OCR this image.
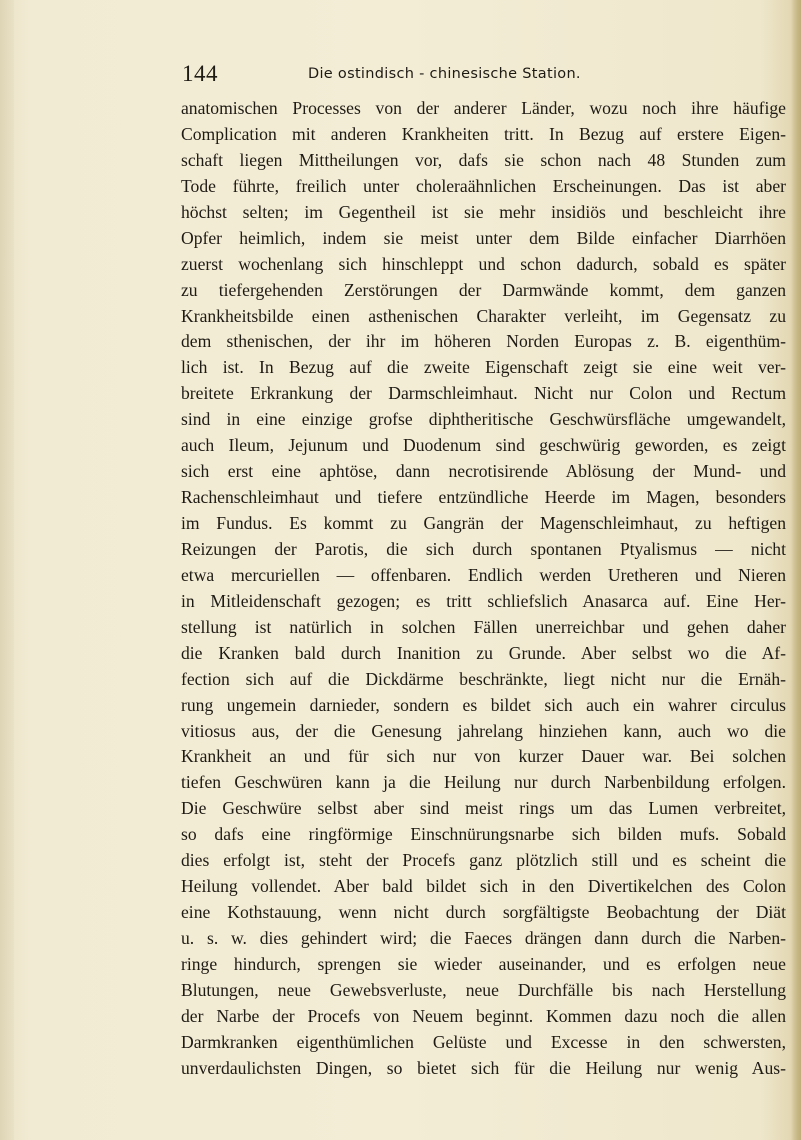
144	Die ostindisch - chinesische Station.
anatomischen Processes von der anderer Länder, wozu noch ihre häufige
Complication mit anderen Krankheiten tritt. In Bezug auf erstere Eigen-
schaft liegen Mittheilungen vor, dafs sie schon nach 48 Stunden zum
Tode führte, freilich unter choleraähnlichen Erscheinungen. Das ist aber
höchst selten; im Gegentheil ist sie mehr insidiös und beschleicht ihre
Opfer heimlich, indem sie meist unter dem Bilde einfacher Diarrhöen
zuerst wochenlang sich hinschleppt und schon dadurch, sobald es später
zu tiefergehenden Zerstörungen der Darmwände kommt, dem ganzen
Krankheitsbilde einen asthenischen Charakter verleiht, im Gegensatz zu
dem sthenischen, der ihr im höheren Norden Europas z. B. eigenthüm-
lich ist. In Bezug auf die zweite Eigenschaft zeigt sie eine weit ver-
breitete Erkrankung der Darmschleimhaut. Nicht nur Colon und Rectum
sind in eine einzige grofse diphtheritische Geschwürsfläche umgewandelt,
auch Ileum, Jejunum und Duodenum sind geschwürig geworden, es zeigt
sich erst eine aphtöse, dann necrotisirende Ablösung der Mund- und
Rachenschleimhaut und tiefere entzündliche Heerde im Magen, besonders
im Fundus. Es kommt zu Gangrän der Magenschleimhaut, zu heftigen
Reizungen der Parotis, die sich durch spontanen Ptyalismus — nicht
etwa mercuriellen — offenbaren. Endlich werden Uretheren und Nieren
in Mitleidenschaft gezogen; es tritt schliefslich Anasarca auf. Eine Her-
stellung ist natürlich in solchen Fällen unerreichbar und gehen daher
die Kranken bald durch Inanition zu Grunde. Aber selbst wo die Af-
fection sich auf die Dickdärme beschränkte, liegt nicht nur die Ernäh-
rung ungemein darnieder, sondern es bildet sich auch ein wahrer circulus
vitiosus aus, der die Genesung jahrelang hinziehen kann, auch wo die
Krankheit an und für sich nur von kurzer Dauer war. Bei solchen
tiefen Geschwüren kann ja die Heilung nur durch Narbenbildung erfolgen.
Die Geschwüre selbst aber sind meist rings um das Lumen verbreitet,
so dafs eine ringförmige Einschnürungsnarbe sich bilden mufs. Sobald
dies erfolgt ist, steht der Procefs ganz plötzlich still und es scheint die
Heilung vollendet. Aber bald bildet sich in den Divertikelchen des Colon
eine Kothstauung, wenn nicht durch sorgfältigste Beobachtung der Diät
u. s. w. dies gehindert wird; die Faeces drängen dann durch die Narben-
ringe hindurch, sprengen sie wieder auseinander, und es erfolgen neue
Blutungen, neue Gewebsverluste, neue Durchfälle bis nach Herstellung
der Narbe der Procefs von Neuem beginnt. Kommen dazu noch die allen
Darmkranken eigenthümlichen Gelüste und Excesse in den schwersten,
unverdaulichsten Dingen, so bietet sich für die Heilung nur wenig Aus-
